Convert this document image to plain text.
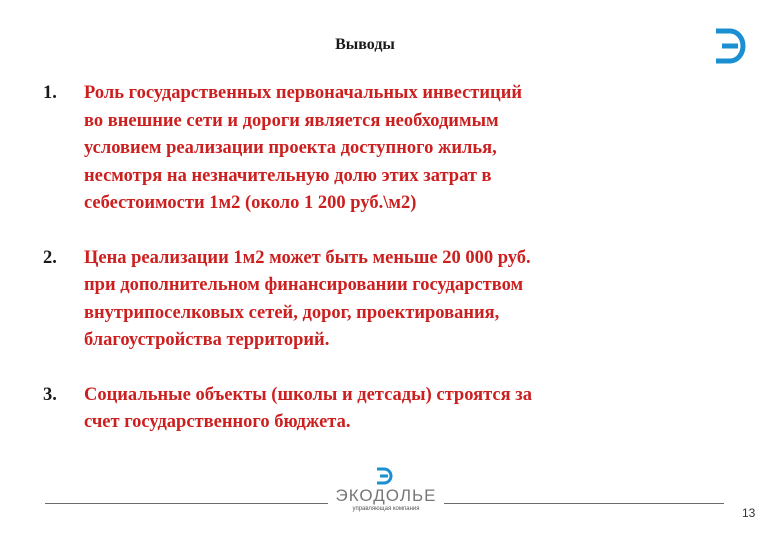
Выводы
1. Роль государственных первоначальных инвестиций
во внешние сети и дороги является необходимым
условием реализации проекта доступного жилья,
несмотря на незначительную долю этих затрат в
себестоимости 1м2 (около 1 200 руб.\м2)
2. Цена реализации 1м2 может быть меньше 20 000 руб.
при дополнительном финансировании государством
внутрипоселковых сетей, дорог, проектирования,
благоустройства территорий.
3. Социальные объекты (школы и детсады) строятся за
счет государственного бюджета.
ЭКОДОЛЬЕ
управляющая компания	13
